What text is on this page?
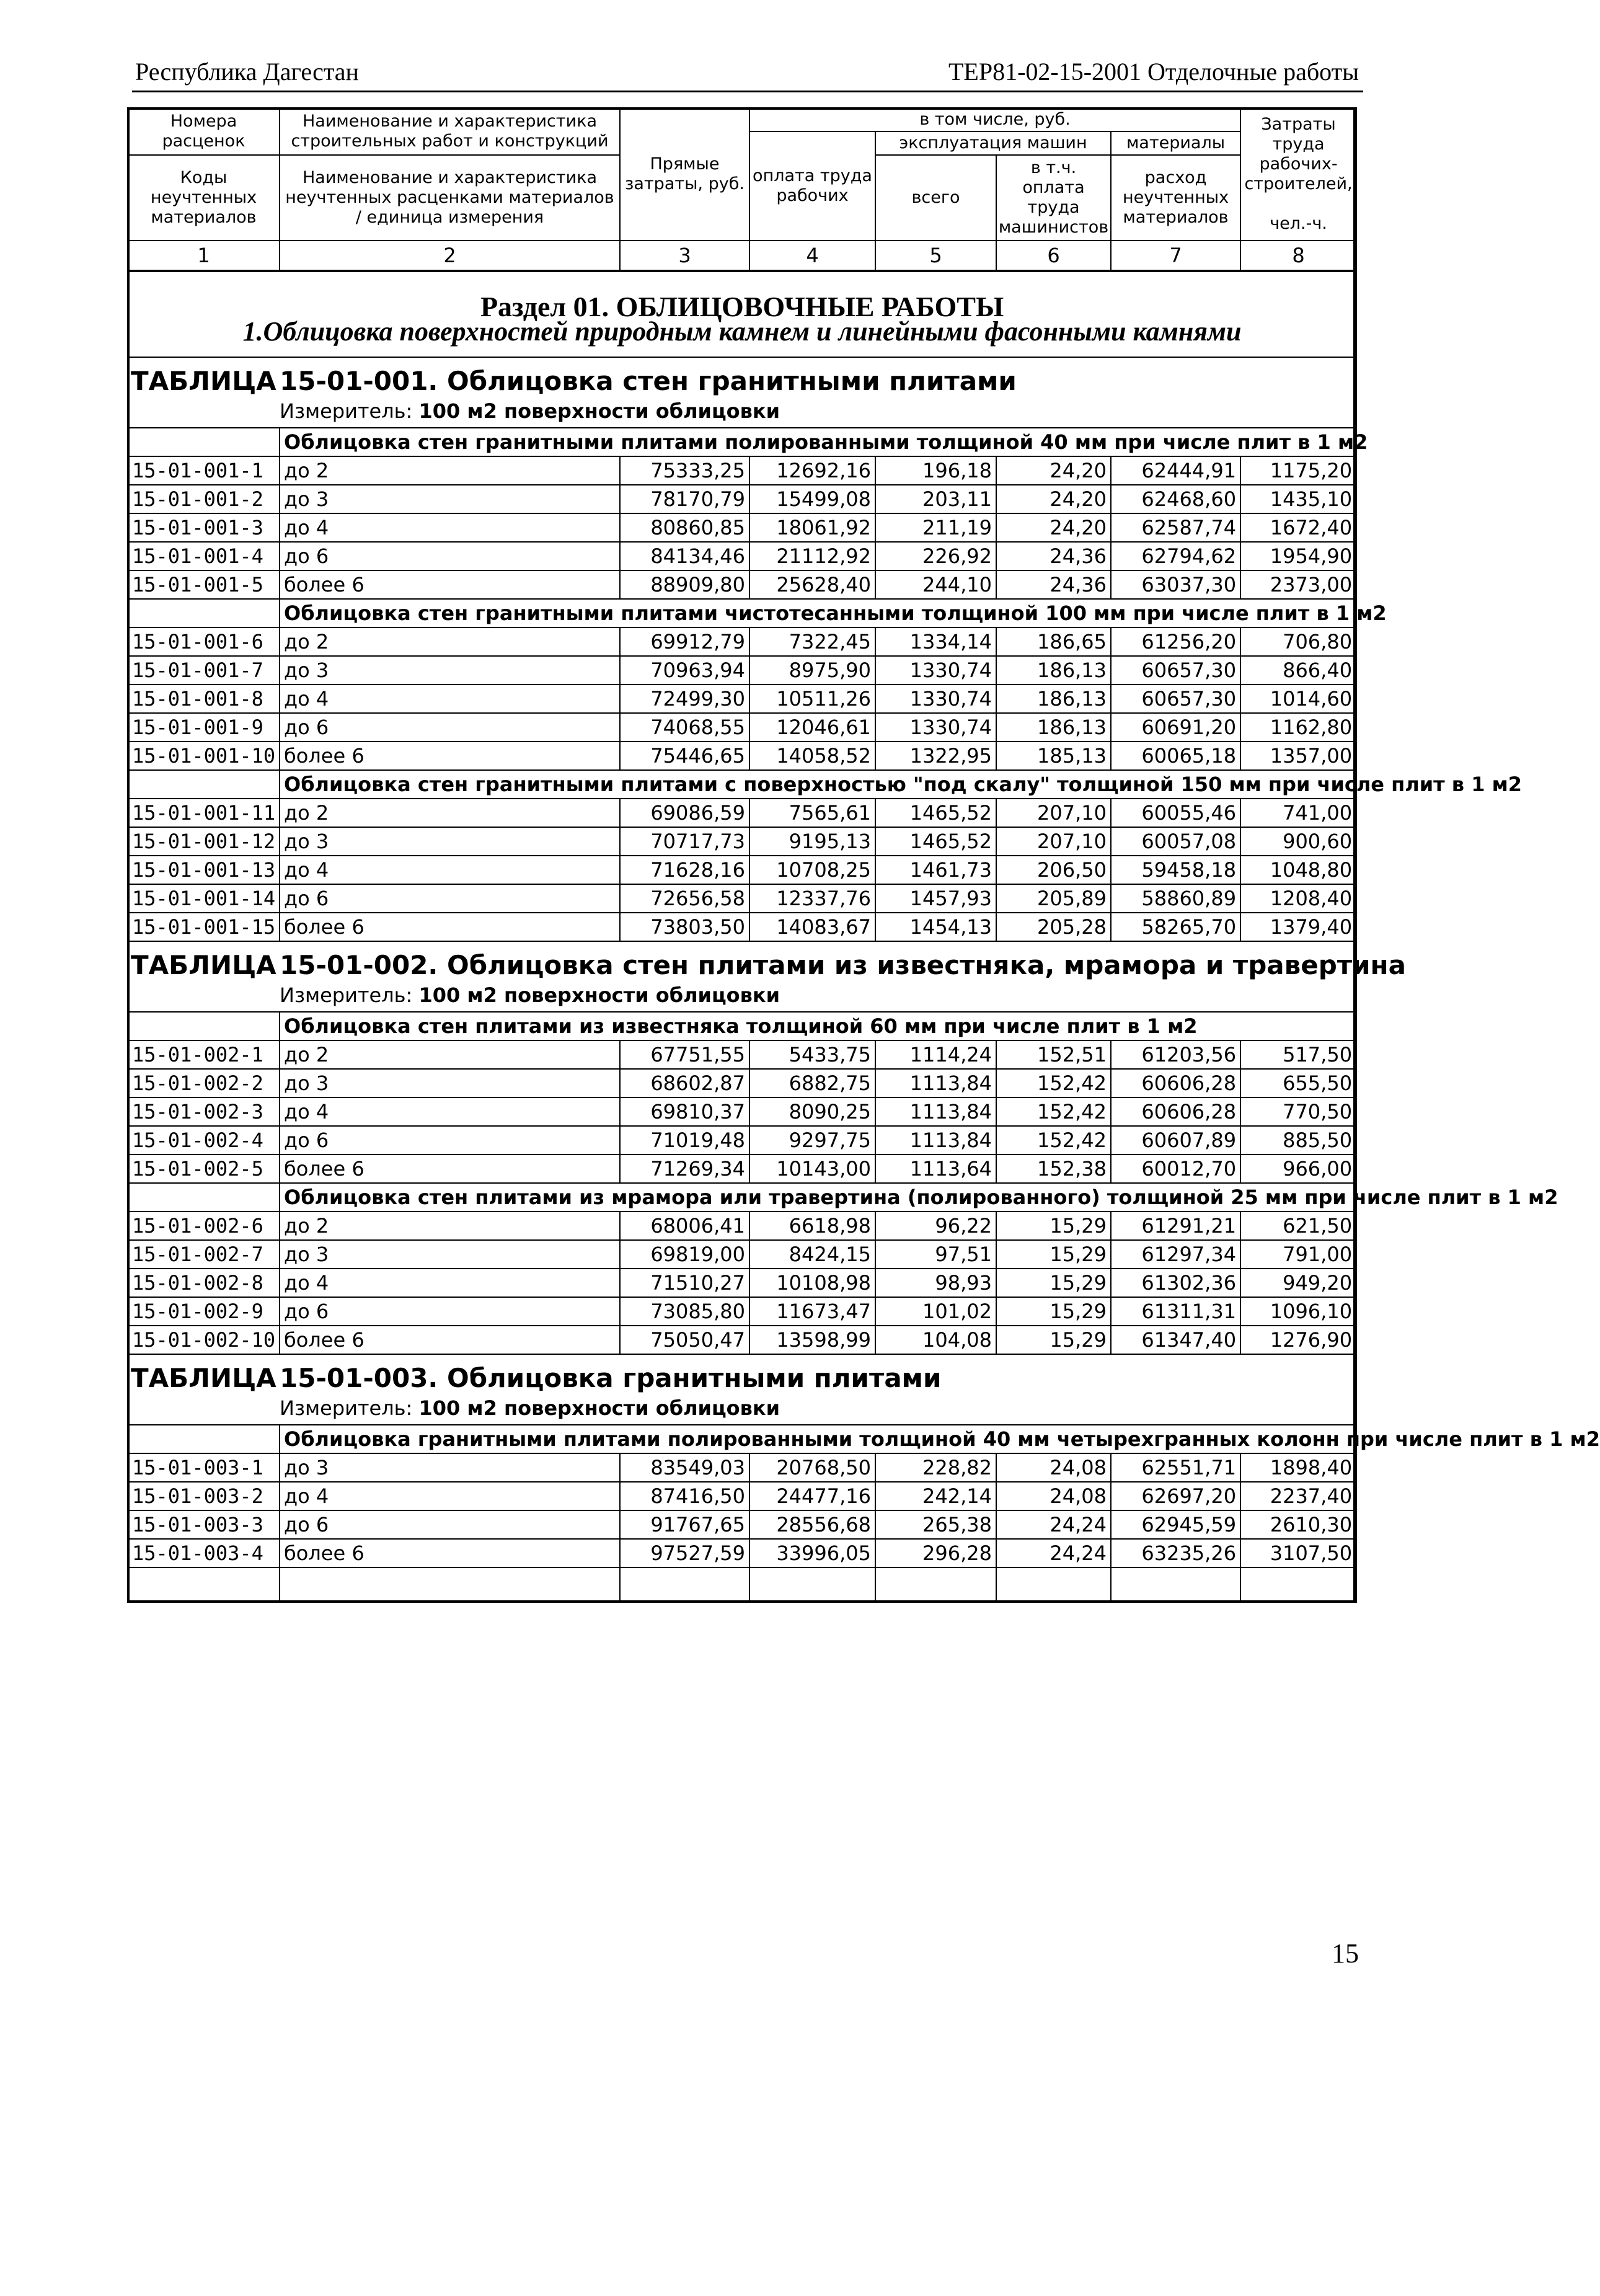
Республика Дагестан	ТЕР81-02-15-2001 Отделочные работы
Номера расценок	Наименование и характеристика строительных работ и конструкций	Прямые затраты, руб.	в том числе, руб.				Затраты труда рабочих-строителей,

чел.-ч.
			оплата труда рабочих	эксплуатация машин		материалы	
Коды неучтенных материалов	Наименование и характеристика неучтенных расценками материалов / единица измерения			всего	в т.ч. оплата труда машинистов	расход неучтенных материалов	

1	2	3	4	5	6	7	8

Раздел 01. ОБЛИЦОВОЧНЫЕ РАБОТЫ
1.Облицовка поверхностей природным камнем и линейными фасонными камнями							

ТАБЛИЦА 15-01-001. Облицовка стен гранитными плитами
Измеритель: 100 м2 поверхности облицовки							

	Облицовка стен гранитными плитами полированными толщиной 40 мм при числе плит в 1 м2						
15-01-001-1	до 2	75333,25	12692,16	196,18	24,20	62444,91	1175,20
15-01-001-2	до 3	78170,79	15499,08	203,11	24,20	62468,60	1435,10
15-01-001-3	до 4	80860,85	18061,92	211,19	24,20	62587,74	1672,40
15-01-001-4	до 6	84134,46	21112,92	226,92	24,36	62794,62	1954,90
15-01-001-5	более 6	88909,80	25628,40	244,10	24,36	63037,30	2373,00
	Облицовка стен гранитными плитами чистотесанными толщиной 100 мм при числе плит в 1 м2						
15-01-001-6	до 2	69912,79	7322,45	1334,14	186,65	61256,20	706,80
15-01-001-7	до 3	70963,94	8975,90	1330,74	186,13	60657,30	866,40
15-01-001-8	до 4	72499,30	10511,26	1330,74	186,13	60657,30	1014,60
15-01-001-9	до 6	74068,55	12046,61	1330,74	186,13	60691,20	1162,80
15-01-001-10	более 6	75446,65	14058,52	1322,95	185,13	60065,18	1357,00
	Облицовка стен гранитными плитами с поверхностью "под скалу" толщиной 150 мм при числе плит в 1 м2						
15-01-001-11	до 2	69086,59	7565,61	1465,52	207,10	60055,46	741,00
15-01-001-12	до 3	70717,73	9195,13	1465,52	207,10	60057,08	900,60
15-01-001-13	до 4	71628,16	10708,25	1461,73	206,50	59458,18	1048,80
15-01-001-14	до 6	72656,58	12337,76	1457,93	205,89	58860,89	1208,40
15-01-001-15	более 6	73803,50	14083,67	1454,13	205,28	58265,70	1379,40

ТАБЛИЦА 15-01-002. Облицовка стен плитами из известняка, мрамора и травертина
Измеритель: 100 м2 поверхности облицовки							

	Облицовка стен плитами из известняка толщиной 60 мм при числе плит в 1 м2						
15-01-002-1	до 2	67751,55	5433,75	1114,24	152,51	61203,56	517,50
15-01-002-2	до 3	68602,87	6882,75	1113,84	152,42	60606,28	655,50
15-01-002-3	до 4	69810,37	8090,25	1113,84	152,42	60606,28	770,50
15-01-002-4	до 6	71019,48	9297,75	1113,84	152,42	60607,89	885,50
15-01-002-5	более 6	71269,34	10143,00	1113,64	152,38	60012,70	966,00
	Облицовка стен плитами из мрамора или травертина (полированного) толщиной 25 мм при числе плит в 1 м2						
15-01-002-6	до 2	68006,41	6618,98	96,22	15,29	61291,21	621,50
15-01-002-7	до 3	69819,00	8424,15	97,51	15,29	61297,34	791,00
15-01-002-8	до 4	71510,27	10108,98	98,93	15,29	61302,36	949,20
15-01-002-9	до 6	73085,80	11673,47	101,02	15,29	61311,31	1096,10
15-01-002-10	более 6	75050,47	13598,99	104,08	15,29	61347,40	1276,90

ТАБЛИЦА 15-01-003. Облицовка гранитными плитами
Измеритель: 100 м2 поверхности облицовки							

	Облицовка гранитными плитами полированными толщиной 40 мм четырехгранных колонн при числе плит в 1 м2						
15-01-003-1	до 3	83549,03	20768,50	228,82	24,08	62551,71	1898,40
15-01-003-2	до 4	87416,50	24477,16	242,14	24,08	62697,20	2237,40
15-01-003-3	до 6	91767,65	28556,68	265,38	24,24	62945,59	2610,30
15-01-003-4	более 6	97527,59	33996,05	296,28	24,24	63235,26	3107,50

15
